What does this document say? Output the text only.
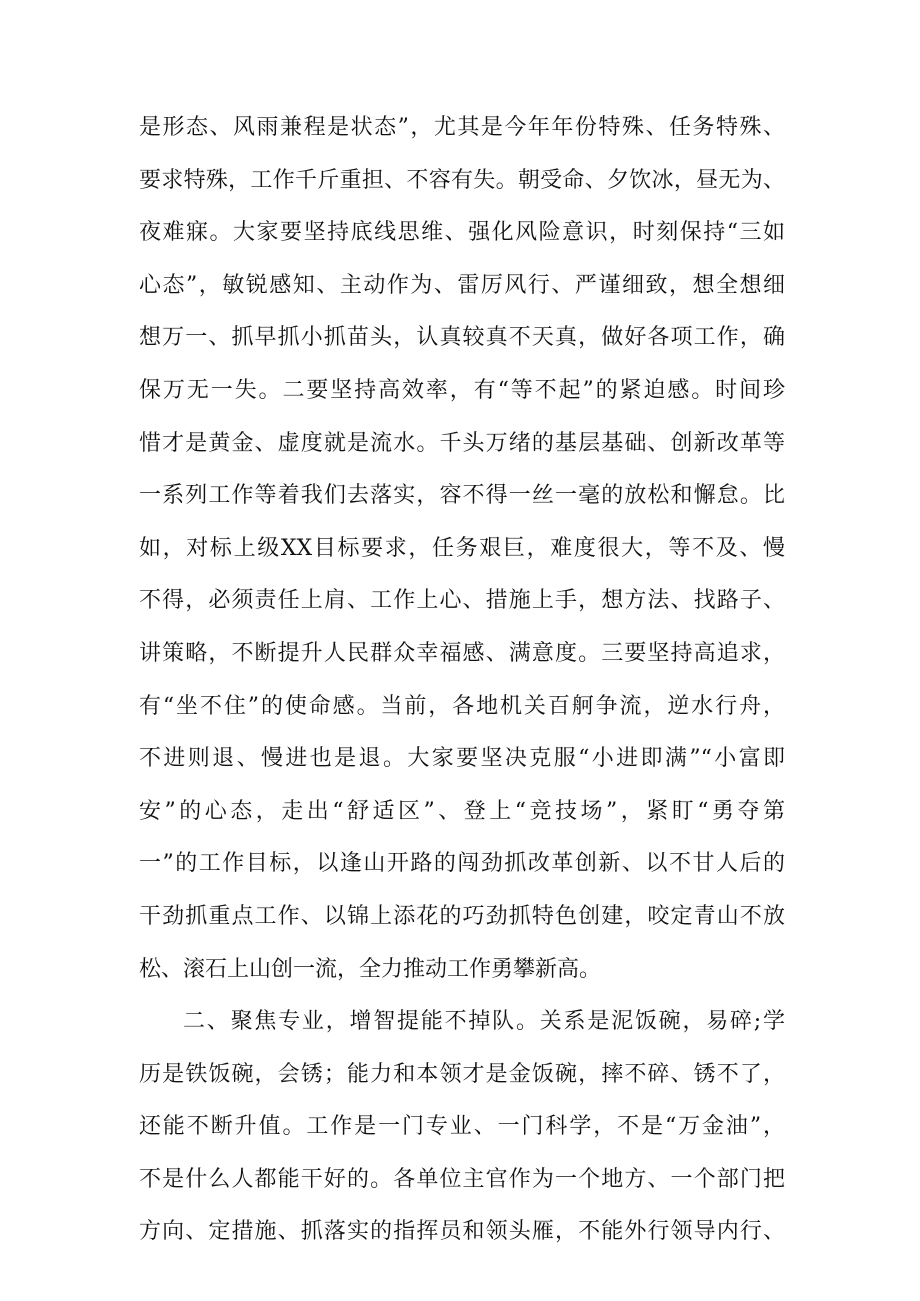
是形态、风雨兼程是状态”，尤其是今年年份特殊、任务特殊、
要求特殊，工作千斤重担、不容有失。朝受命、夕饮冰，昼无为、
夜难寐。大家要坚持底线思维、强化风险意识，时刻保持“三如
心态”，敏锐感知、主动作为、雷厉风行、严谨细致，想全想细
想万一、抓早抓小抓苗头，认真较真不天真，做好各项工作，确
保万无一失。二要坚持高效率，有“等不起”的紧迫感。时间珍
惜才是黄金、虚度就是流水。千头万绪的基层基础、创新改革等
一系列工作等着我们去落实，容不得一丝一毫的放松和懈怠。比
如，对标上级XX目标要求，任务艰巨，难度很大，等不及、慢
不得，必须责任上肩、工作上心、措施上手，想方法、找路子、
讲策略，不断提升人民群众幸福感、满意度。三要坚持高追求，
有“坐不住”的使命感。当前，各地机关百舸争流，逆水行舟，
不进则退、慢进也是退。大家要坚决克服“小进即满”“小富即
安”的心态，走出“舒适区”、登上“竞技场”，紧盯“勇夺第
一”的工作目标，以逢山开路的闯劲抓改革创新、以不甘人后的
干劲抓重点工作、以锦上添花的巧劲抓特色创建，咬定青山不放
松、滚石上山创一流，全力推动工作勇攀新高。
二、聚焦专业，增智提能不掉队。关系是泥饭碗，易碎;学
历是铁饭碗，会锈；能力和本领才是金饭碗，摔不碎、锈不了，
还能不断升值。工作是一门专业、一门科学，不是“万金油”，
不是什么人都能干好的。各单位主官作为一个地方、一个部门把
方向、定措施、抓落实的指挥员和领头雁，不能外行领导内行、
